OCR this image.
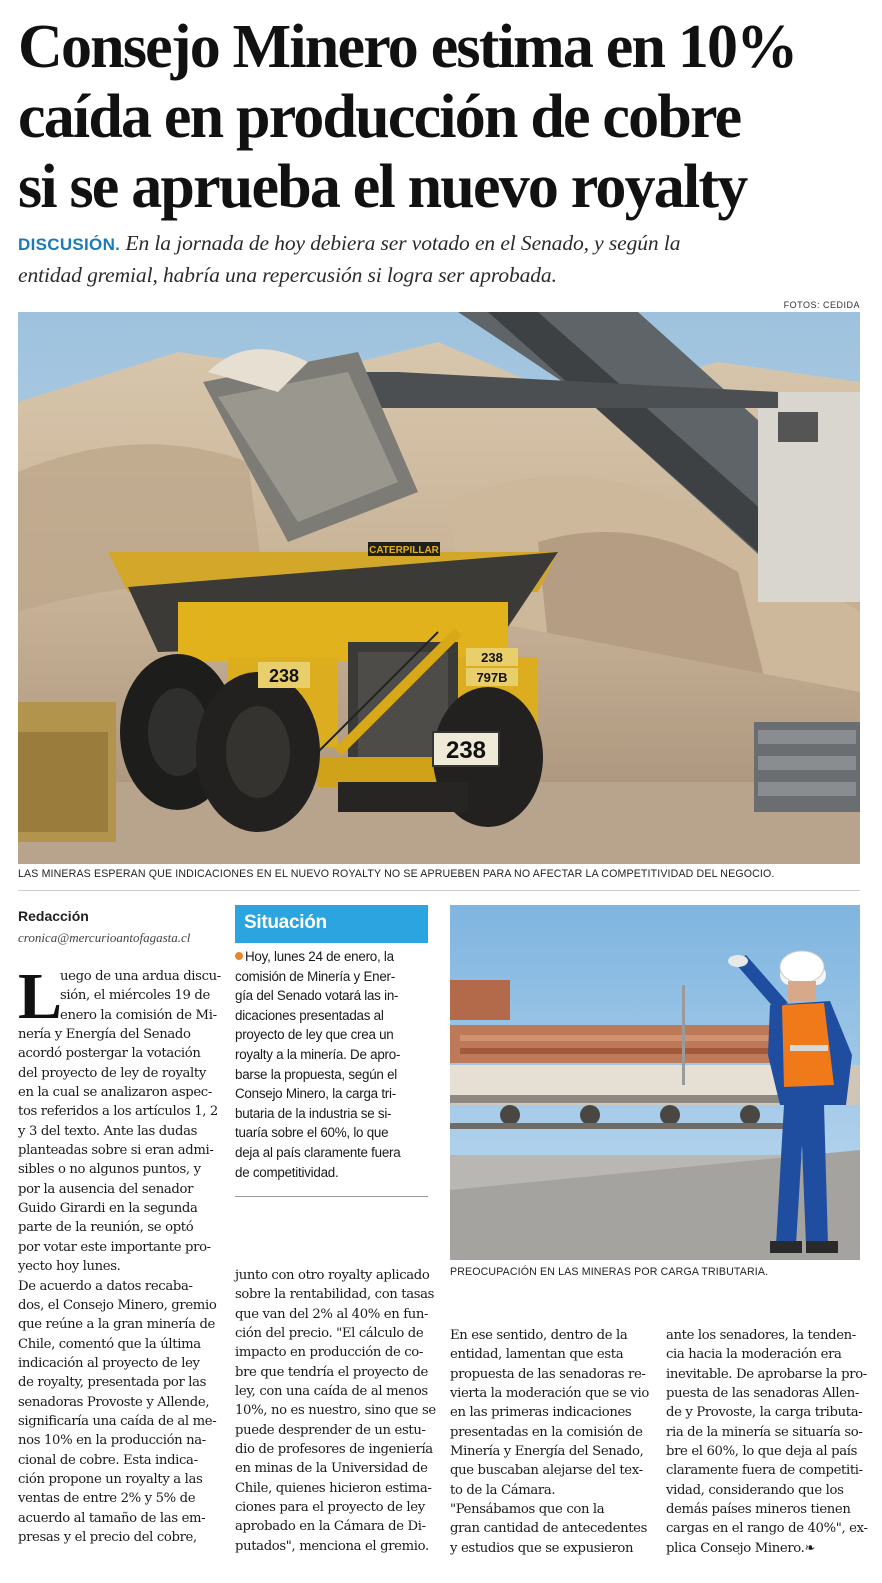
Consejo Minero estima en 10%
caída en producción de cobre
si se aprueba el nuevo royalty
DISCUSIÓN. En la jornada de hoy debiera ser votado en el Senado, y según la
entidad gremial, habría una repercusión si logra ser aprobada.
FOTOS: CEDIDA
238
238
238
797B
CATERPILLAR
LAS MINERAS ESPERAN QUE INDICACIONES EN EL NUEVO ROYALTY NO SE APRUEBEN PARA NO AFECTAR LA COMPETITIVIDAD DEL NEGOCIO.
Redacción
cronica@mercurioantofagasta.cl
L

uego de una ardua discu-

sión, el miércoles 19 de

enero la comisión de Mi-

nería y Energía del Senado

acordó postergar la votación

del proyecto de ley de royalty

en la cual se analizaron aspec-

tos referidos a los artículos 1, 2

y 3 del texto. Ante las dudas

planteadas sobre si eran admi-

sibles o no algunos puntos, y

por la ausencia del senador

Guido Girardi en la segunda

parte de la reunión, se optó

por votar este importante pro-

yecto hoy lunes.

De acuerdo a datos recaba-

dos, el Consejo Minero, gremio

que reúne a la gran minería de

Chile, comentó que la última

indicación al proyecto de ley

de royalty, presentada por las

senadoras Provoste y Allende,

significaría una caída de al me-

nos 10% en la producción na-

cional de cobre. Esta indica-

ción propone un royalty a las

ventas de entre 2% y 5% de

acuerdo al tamaño de las em-

presas y el precio del cobre,

Situación

Hoy, lunes 24 de enero, la

comisión de Minería y Ener-

gía del Senado votará las in-

dicaciones presentadas al

proyecto de ley que crea un

royalty a la minería. De apro-

barse la propuesta, según el

Consejo Minero, la carga tri-

butaria de la industria se si-

tuaría sobre el 60%, lo que

deja al país claramente fuera

de competitividad.

junto con otro royalty aplicado

sobre la rentabilidad, con tasas

que van del 2% al 40% en fun-

ción del precio. "El cálculo de

impacto en producción de co-

bre que tendría el proyecto de

ley, con una caída de al menos

10%, no es nuestro, sino que se

puede desprender de un estu-

dio de profesores de ingeniería

en minas de la Universidad de

Chile, quienes hicieron estima-

ciones para el proyecto de ley

aprobado en la Cámara de Di-

putados", menciona el gremio.

PREOCUPACIÓN EN LAS MINERAS POR CARGA TRIBUTARIA.

En ese sentido, dentro de la

entidad, lamentan que esta

propuesta de las senadoras re-

vierta la moderación que se vio

en las primeras indicaciones

presentadas en la comisión de

Minería y Energía del Senado,

que buscaban alejarse del tex-

to de la Cámara.

"Pensábamos que con la

gran cantidad de antecedentes

y estudios que se expusieron

ante los senadores, la tenden-

cia hacia la moderación era

inevitable. De aprobarse la pro-

puesta de las senadoras Allen-

de y Provoste, la carga tributa-

ria de la minería se situaría so-

bre el 60%, lo que deja al país

claramente fuera de competiti-

vidad, considerando que los

demás países mineros tienen

cargas en el rango de 40%", ex-

plica Consejo Minero.❧
